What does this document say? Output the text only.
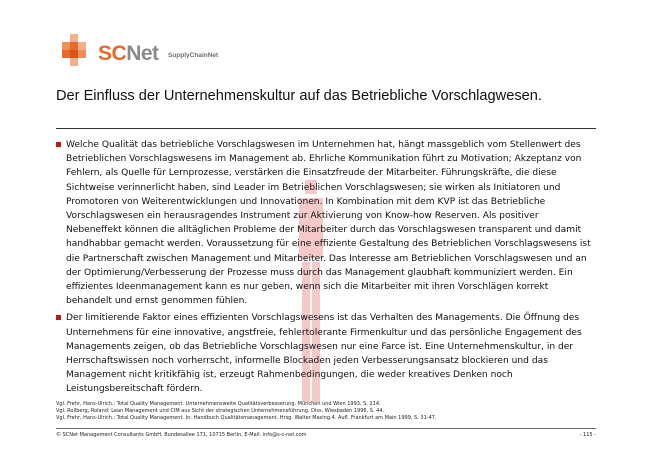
SCNet SupplyChainNet
Der Einfluss der Unternehmenskultur auf das Betriebliche Vorschlagwesen.

Welche Qualität das betriebliche Vorschlagswesen im Unternehmen hat, hängt massgeblich vom Stellenwert des Betrieblichen Vorschlagswesens im Management ab. Ehrliche Kommunikation führt zu Motivation; Akzeptanz von Fehlern, als Quelle für Lernprozesse, verstärken die Einsatzfreude der Mitarbeiter. Führungskräfte, die diese Sichtweise verinnerlicht haben, sind Leader im Betrieblichen Vorschlagswesen; sie wirken als Initiatoren und Promotoren von Weiterentwicklungen und Innovationen. In Kombination mit dem KVP ist das Betriebliche Vorschlagswesen ein herausragendes Instrument zur Aktivierung von Know-how Reserven. Als positiver Nebeneffekt können die alltäglichen Probleme der Mitarbeiter durch das Vorschlagswesen transparent und damit handhabbar gemacht werden. Voraussetzung für eine effiziente Gestaltung des Betrieblichen Vorschlagswesens ist die Partnerschaft zwischen Management und Mitarbeiter. Das Interesse am Betrieblichen Vorschlagswesen und an der Optimierung/Verbesserung der Prozesse muss durch das Management glaubhaft kommuniziert werden. Ein effizientes Ideenmanagement kann es nur geben, wenn sich die Mitarbeiter mit ihren Vorschlägen korrekt behandelt und ernst genommen fühlen.

Der limitierende Faktor eines effizienten Vorschlagswesens ist das Verhalten des Managements. Die Öffnung des Unternehmens für eine innovative, angstfreie, fehlertolerante Firmenkultur und das persönliche Engagement des Managements zeigen, ob das Betriebliche Vorschlagswesen nur eine Farce ist. Eine Unternehmenskultur, in der Herrschaftswissen noch vorherrscht, informelle Blockaden jeden Verbesserungsansatz blockieren und das Management nicht kritikfähig ist, erzeugt Rahmenbedingungen, die weder kreatives Denken noch Leistungsbereitschaft fördern.

Vgl. Frehr, Hans-Ulrich.: Total Quality Management. Unternehmensweite Qualitätsverbesserung. München und Wien 1993, S. 214.
Vgl. Rollberg, Roland: Lean Management und CIM aus Sicht der strategischen Unternehmensführung. Diss. Wiesbaden 1996, S. 44.
Vgl. Frehr, Hans-Ulrich.: Total Quality Management. In: Handbuch Qualitätsmanagement. Hrsg. Walter Masing.4. Aufl. Frankfurt am Main 1999, S. 31-47.
© SCNet Management Consultants GmbH, Bundesallee 171, 10715 Berlin, E-Mail: info@s-c-net.com	- 115 -
